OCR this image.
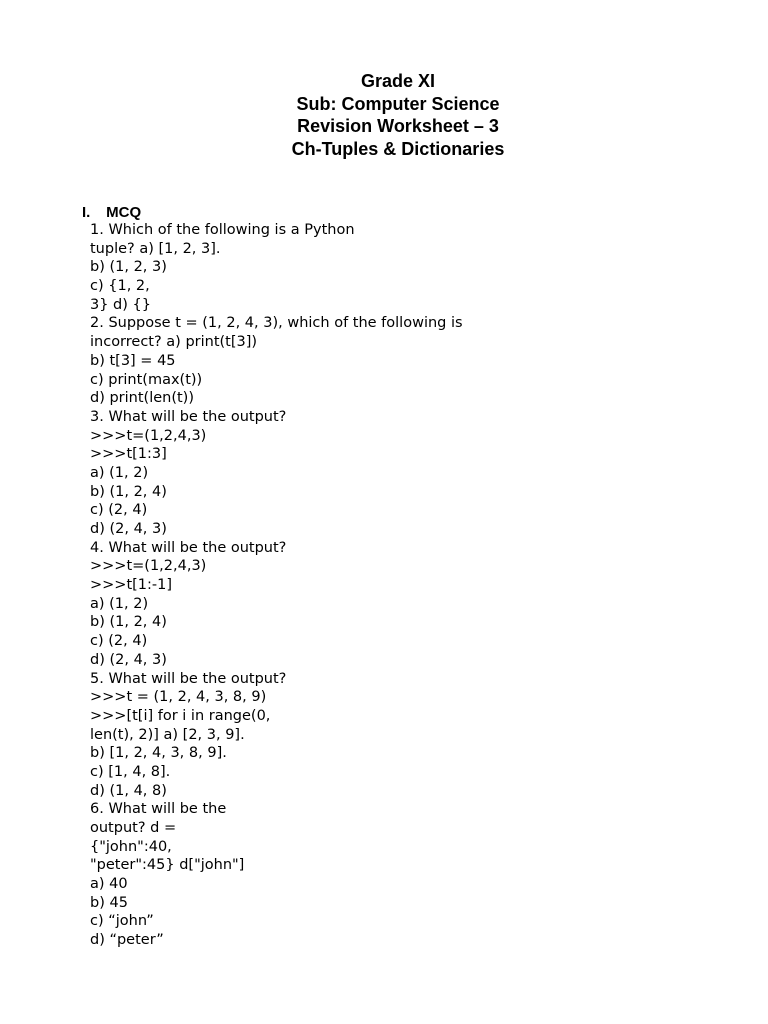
Grade XI
Sub: Computer Science
Revision Worksheet – 3
Ch-Tuples & Dictionaries
I. MCQ
1. Which of the following is a Python
tuple? a) [1, 2, 3].
b) (1, 2, 3)
c) {1, 2,
3} d) {}
2. Suppose t = (1, 2, 4, 3), which of the following is
incorrect? a) print(t[3])
b) t[3] = 45
c) print(max(t))
d) print(len(t))
3. What will be the output?
>>>t=(1,2,4,3)
>>>t[1:3]
a) (1, 2)
b) (1, 2, 4)
c) (2, 4)
d) (2, 4, 3)
4. What will be the output?
>>>t=(1,2,4,3)
>>>t[1:-1]
a) (1, 2)
b) (1, 2, 4)
c) (2, 4)
d) (2, 4, 3)
5. What will be the output?
>>>t = (1, 2, 4, 3, 8, 9)
>>>[t[i] for i in range(0,
len(t), 2)] a) [2, 3, 9].
b) [1, 2, 4, 3, 8, 9].
c) [1, 4, 8].
d) (1, 4, 8)
6. What will be the
output? d =
{"john":40,
"peter":45} d["john"]
a) 40
b) 45
c) “john”
d) “peter”
